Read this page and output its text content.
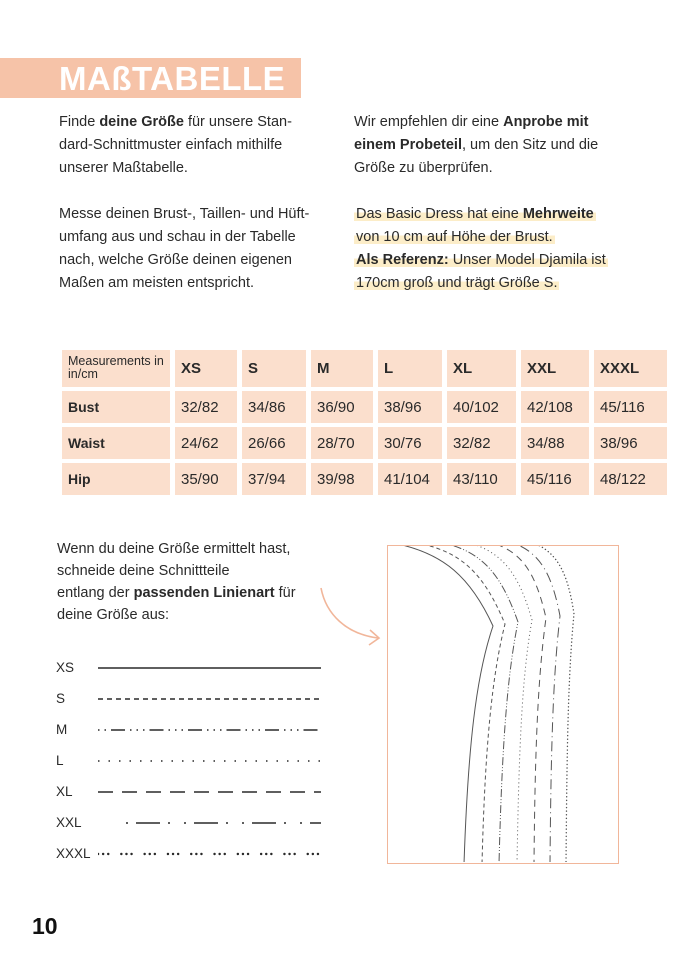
MAßTABELLE

Finde deine Größe für unsere Stan-
dard-Schnittmuster einfach mithilfe
unserer Maßtabelle.

Messe deinen Brust-, Taillen- und Hüft-
umfang aus und schau in der Tabelle
nach, welche Größe deinen eigenen
Maßen am meisten entspricht.

Wir empfehlen dir eine Anprobe mit
einem Probeteil, um den Sitz und die
Größe zu überprüfen.

Das Basic Dress hat eine Mehrweite
von 10 cm auf Höhe der Brust.
Als Referenz: Unser Model Djamila ist
170cm groß und trägt Größe S.

Measurements in in/cm	XS	S	M	L	XL	XXL	XXXL
Bust	32/82	34/86	36/90	38/96	40/102	42/108	45/116
Waist	24/62	26/66	28/70	30/76	32/82	34/88	38/96
Hip	35/90	37/94	39/98	41/104	43/110	45/116	48/122
Wenn du deine Größe ermittelt hast,
schneide deine Schnittteile
entlang der passenden Linienart für
deine Größe aus:
XS
S
M
L
XL
XXL
XXXL
10
